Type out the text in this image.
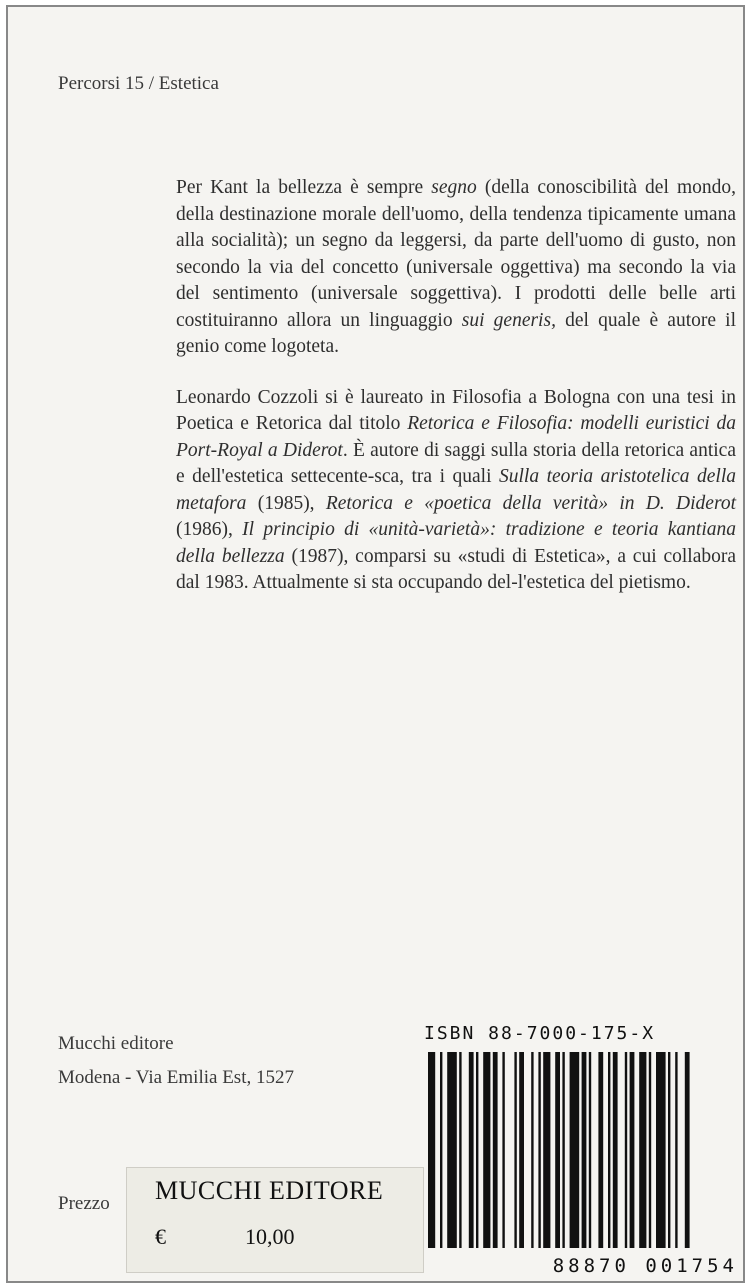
Percorsi 15 / Estetica

Per Kant la bellezza è sempre segno (della conoscibilità del mondo, della destinazione morale dell'uomo, della tendenza tipicamente umana alla socialità); un segno da leggersi, da parte dell'uomo di gusto, non secondo la via del concetto (universale oggettiva) ma secondo la via del sentimento (universale soggettiva). I prodotti delle belle arti costituiranno allora un linguaggio sui generis, del quale è autore il genio come logoteta.

Leonardo Cozzoli si è laureato in Filosofia a Bologna con una tesi in Poetica e Retorica dal titolo Retorica e Filosofia: modelli euristici da Port-Royal a Diderot. È autore di saggi sulla storia della retorica antica e dell'estetica settecente-sca, tra i quali Sulla teoria aristotelica della metafora (1985), Retorica e «poetica della verità» in D. Diderot (1986), Il principio di «unità-varietà»: tradizione e teoria kantiana della bellezza (1987), comparsi su «studi di Estetica», a cui collabora dal 1983. Attualmente si sta occupando del-l'estetica del pietismo.

Mucchi editore
Modena - Via Emilia Est, 1527
ISBN 88-7000-175-X
88870 001754
Prezzo MUCCHI EDITORE
€	10,00
